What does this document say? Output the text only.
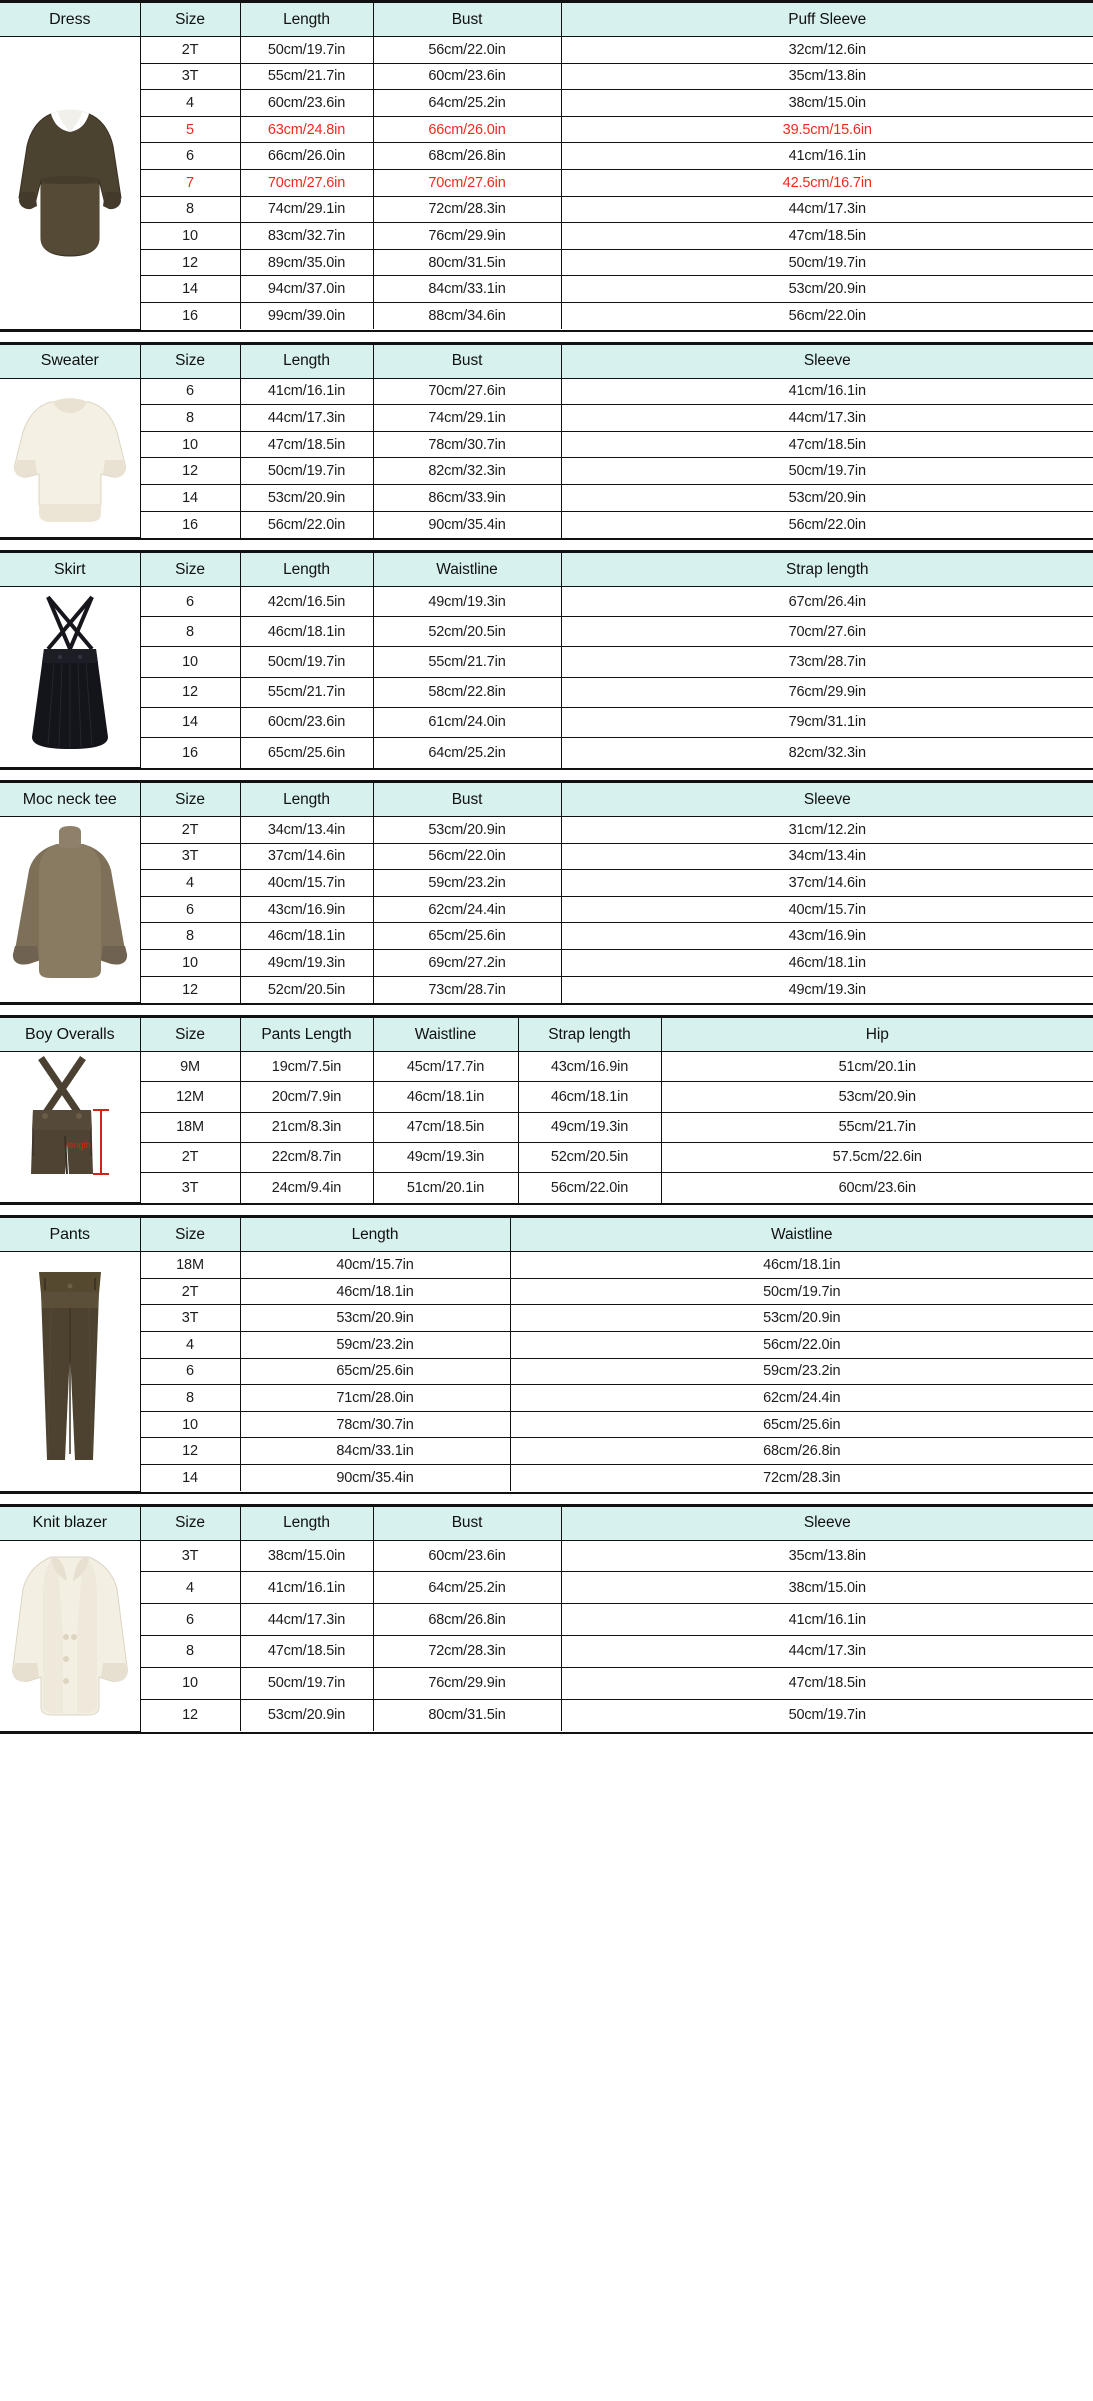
Dress	Size	Length	Bust	Puff Sleeve

	2T	50cm/19.7in	56cm/22.0in	32cm/12.6in
	3T	55cm/21.7in	60cm/23.6in	35cm/13.8in
	4	60cm/23.6in	64cm/25.2in	38cm/15.0in
	5	63cm/24.8in	66cm/26.0in	39.5cm/15.6in
	6	66cm/26.0in	68cm/26.8in	41cm/16.1in
	7	70cm/27.6in	70cm/27.6in	42.5cm/16.7in
	8	74cm/29.1in	72cm/28.3in	44cm/17.3in
	10	83cm/32.7in	76cm/29.9in	47cm/18.5in
	12	89cm/35.0in	80cm/31.5in	50cm/19.7in
	14	94cm/37.0in	84cm/33.1in	53cm/20.9in
	16	99cm/39.0in	88cm/34.6in	56cm/22.0in
Sweater	Size	Length	Bust	Sleeve

	6	41cm/16.1in	70cm/27.6in	41cm/16.1in
	8	44cm/17.3in	74cm/29.1in	44cm/17.3in
	10	47cm/18.5in	78cm/30.7in	47cm/18.5in
	12	50cm/19.7in	82cm/32.3in	50cm/19.7in
	14	53cm/20.9in	86cm/33.9in	53cm/20.9in
	16	56cm/22.0in	90cm/35.4in	56cm/22.0in
Skirt	Size	Length	Waistline	Strap length

	6	42cm/16.5in	49cm/19.3in	67cm/26.4in
	8	46cm/18.1in	52cm/20.5in	70cm/27.6in
	10	50cm/19.7in	55cm/21.7in	73cm/28.7in
	12	55cm/21.7in	58cm/22.8in	76cm/29.9in
	14	60cm/23.6in	61cm/24.0in	79cm/31.1in
	16	65cm/25.6in	64cm/25.2in	82cm/32.3in
Moc neck tee	Size	Length	Bust	Sleeve

	2T	34cm/13.4in	53cm/20.9in	31cm/12.2in
	3T	37cm/14.6in	56cm/22.0in	34cm/13.4in
	4	40cm/15.7in	59cm/23.2in	37cm/14.6in
	6	43cm/16.9in	62cm/24.4in	40cm/15.7in
	8	46cm/18.1in	65cm/25.6in	43cm/16.9in
	10	49cm/19.3in	69cm/27.2in	46cm/18.1in
	12	52cm/20.5in	73cm/28.7in	49cm/19.3in
Boy Overalls	Size	Pants Length	Waistline	Strap length	Hip

length	9M	19cm/7.5in	45cm/17.7in	43cm/16.9in	51cm/20.1in
	12M	20cm/7.9in	46cm/18.1in	46cm/18.1in	53cm/20.9in
	18M	21cm/8.3in	47cm/18.5in	49cm/19.3in	55cm/21.7in
	2T	22cm/8.7in	49cm/19.3in	52cm/20.5in	57.5cm/22.6in
	3T	24cm/9.4in	51cm/20.1in	56cm/22.0in	60cm/23.6in
Pants	Size	Length	Waistline

	18M	40cm/15.7in	46cm/18.1in
	2T	46cm/18.1in	50cm/19.7in
	3T	53cm/20.9in	53cm/20.9in
	4	59cm/23.2in	56cm/22.0in
	6	65cm/25.6in	59cm/23.2in
	8	71cm/28.0in	62cm/24.4in
	10	78cm/30.7in	65cm/25.6in
	12	84cm/33.1in	68cm/26.8in
	14	90cm/35.4in	72cm/28.3in
Knit blazer	Size	Length	Bust	Sleeve

	3T	38cm/15.0in	60cm/23.6in	35cm/13.8in
	4	41cm/16.1in	64cm/25.2in	38cm/15.0in
	6	44cm/17.3in	68cm/26.8in	41cm/16.1in
	8	47cm/18.5in	72cm/28.3in	44cm/17.3in
	10	50cm/19.7in	76cm/29.9in	47cm/18.5in
	12	53cm/20.9in	80cm/31.5in	50cm/19.7in
